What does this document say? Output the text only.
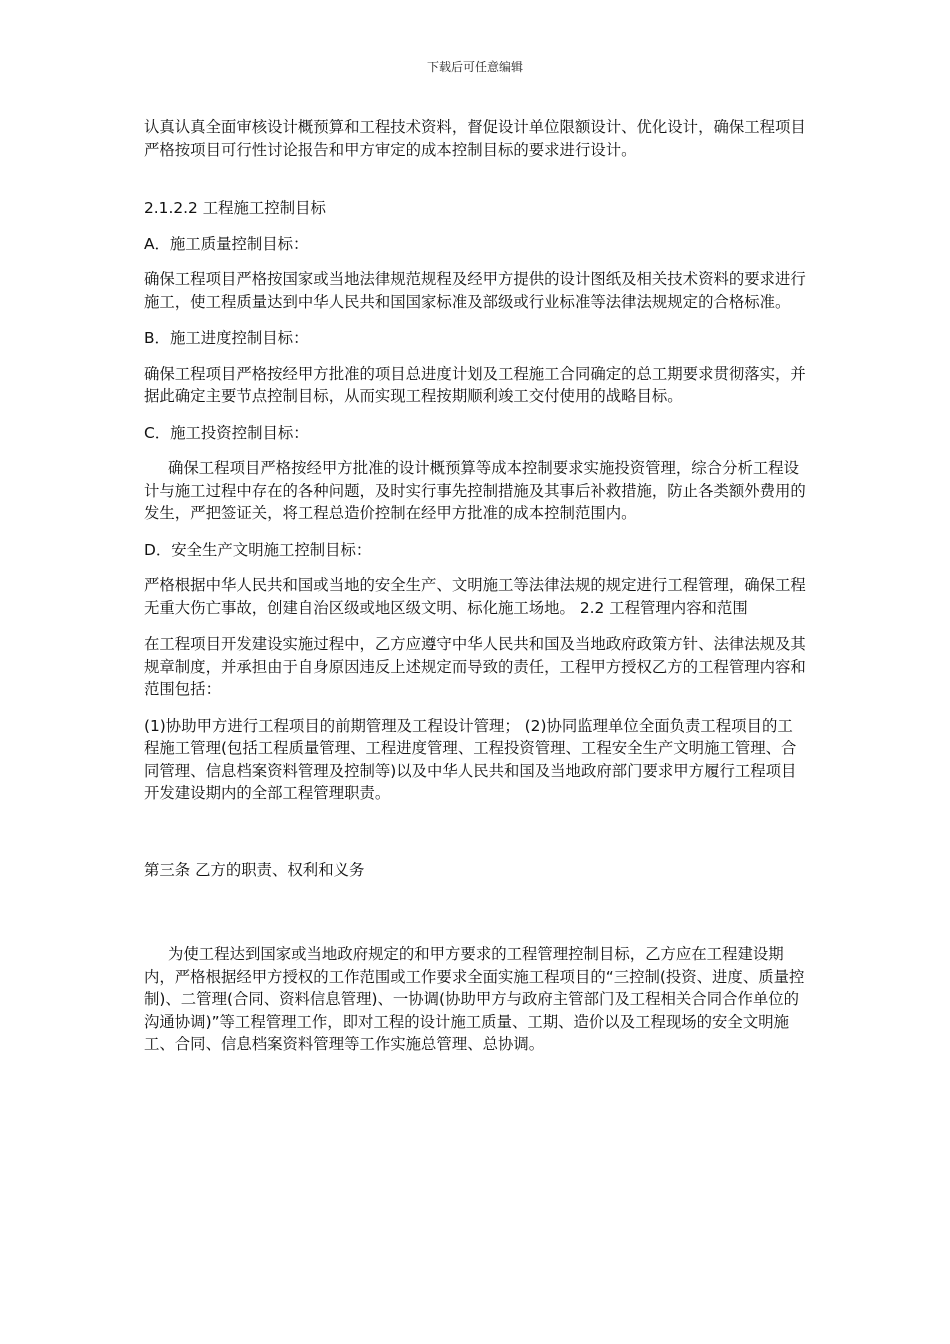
下载后可任意编辑

认真认真全面审核设计概预算和工程技术资料，督促设计单位限额设计、优化设计，确保工程项目严格按项目可行性讨论报告和甲方审定的成本控制目标的要求进行设计。

2.1.2.2 工程施工控制目标

A．施工质量控制目标：

确保工程项目严格按国家或当地法律规范规程及经甲方提供的设计图纸及相关技术资料的要求进行施工，使工程质量达到中华人民共和国国家标准及部级或行业标准等法律法规规定的合格标准。

B．施工进度控制目标：

确保工程项目严格按经甲方批准的项目总进度计划及工程施工合同确定的总工期要求贯彻落实，并据此确定主要节点控制目标，从而实现工程按期顺利竣工交付使用的战略目标。

C．施工投资控制目标：

确保工程项目严格按经甲方批准的设计概预算等成本控制要求实施投资管理，综合分析工程设计与施工过程中存在的各种问题，及时实行事先控制措施及其事后补救措施，防止各类额外费用的发生，严把签证关，将工程总造价控制在经甲方批准的成本控制范围内。

D．安全生产文明施工控制目标：

严格根据中华人民共和国或当地的安全生产、文明施工等法律法规的规定进行工程管理，确保工程无重大伤亡事故，创建自治区级或地区级文明、标化施工场地。 2.2 工程管理内容和范围

在工程项目开发建设实施过程中，乙方应遵守中华人民共和国及当地政府政策方针、法律法规及其规章制度，并承担由于自身原因违反上述规定而导致的责任，工程甲方授权乙方的工程管理内容和范围包括：

(1)协助甲方进行工程项目的前期管理及工程设计管理； (2)协同监理单位全面负责工程项目的工程施工管理(包括工程质量管理、工程进度管理、工程投资管理、工程安全生产文明施工管理、合同管理、信息档案资料管理及控制等)以及中华人民共和国及当地政府部门要求甲方履行工程项目开发建设期内的全部工程管理职责。

第三条 乙方的职责、权利和义务

为使工程达到国家或当地政府规定的和甲方要求的工程管理控制目标，乙方应在工程建设期内，严格根据经甲方授权的工作范围或工作要求全面实施工程项目的“三控制(投资、进度、质量控制)、二管理(合同、资料信息管理)、一协调(协助甲方与政府主管部门及工程相关合同合作单位的沟通协调)”等工程管理工作，即对工程的设计施工质量、工期、造价以及工程现场的安全文明施工、合同、信息档案资料管理等工作实施总管理、总协调。
